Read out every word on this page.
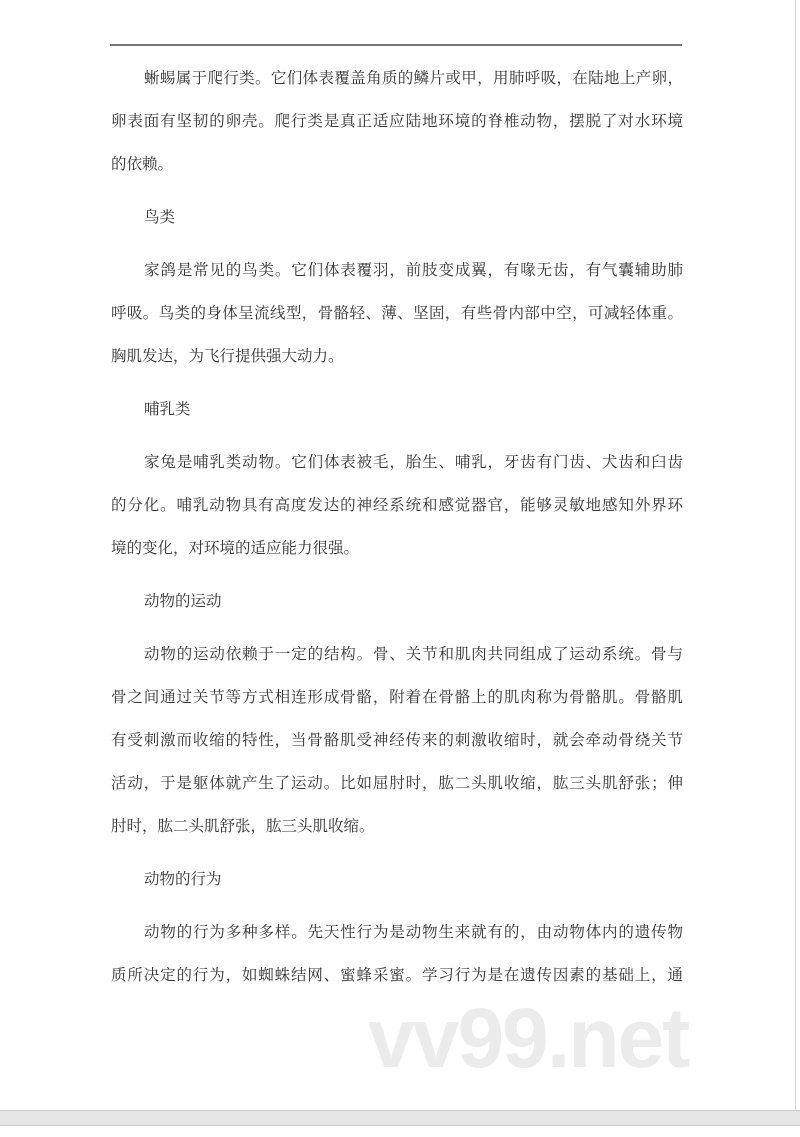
蜥蜴属于爬行类。它们体表覆盖角质的鳞片或甲，用肺呼吸，在陆地上产卵，
卵表面有坚韧的卵壳。爬行类是真正适应陆地环境的脊椎动物，摆脱了对水环境
的依赖。
鸟类
家鸽是常见的鸟类。它们体表覆羽，前肢变成翼，有喙无齿，有气囊辅助肺
呼吸。鸟类的身体呈流线型，骨骼轻、薄、坚固，有些骨内部中空，可减轻体重。
胸肌发达，为飞行提供强大动力。
哺乳类
家兔是哺乳类动物。它们体表被毛，胎生、哺乳，牙齿有门齿、犬齿和臼齿
的分化。哺乳动物具有高度发达的神经系统和感觉器官，能够灵敏地感知外界环
境的变化，对环境的适应能力很强。
动物的运动
动物的运动依赖于一定的结构。骨、关节和肌肉共同组成了运动系统。骨与
骨之间通过关节等方式相连形成骨骼，附着在骨骼上的肌肉称为骨骼肌。骨骼肌
有受刺激而收缩的特性，当骨骼肌受神经传来的刺激收缩时，就会牵动骨绕关节
活动，于是躯体就产生了运动。比如屈肘时，肱二头肌收缩，肱三头肌舒张；伸
肘时，肱二头肌舒张，肱三头肌收缩。
动物的行为
动物的行为多种多样。先天性行为是动物生来就有的，由动物体内的遗传物
质所决定的行为，如蜘蛛结网、蜜蜂采蜜。学习行为是在遗传因素的基础上，通
vv99.net
